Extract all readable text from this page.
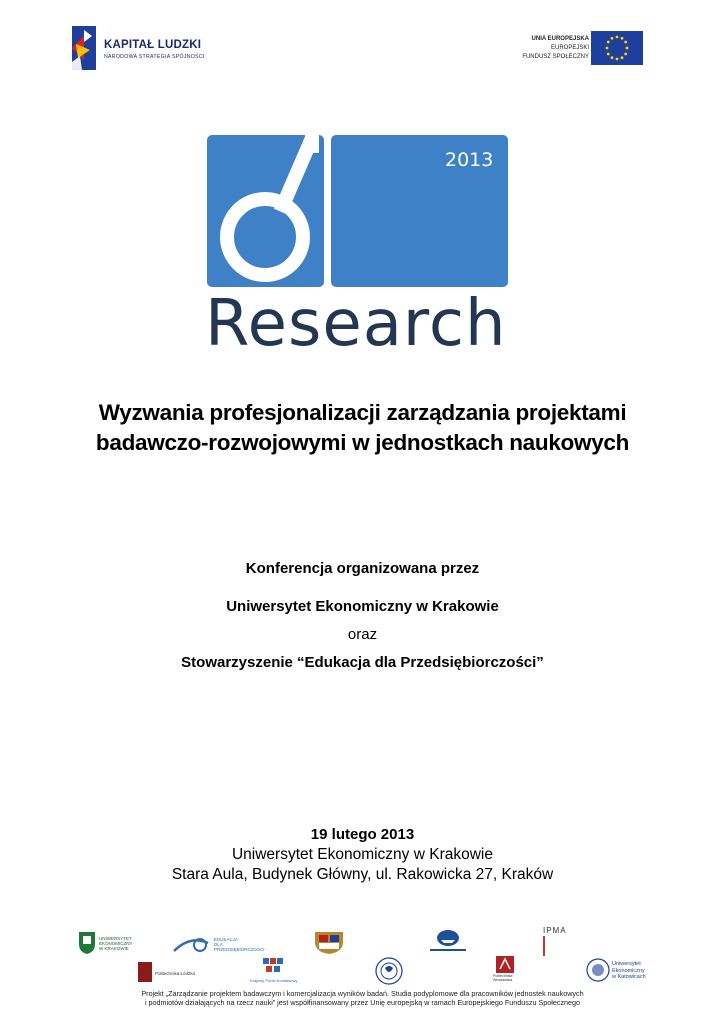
KAPITAŁ LUDZKI
NARODOWA STRATEGIA SPÓJNOŚCI
UNIA EUROPEJSKA
EUROPEJSKI
FUNDUSZ SPOŁECZNY
2013
Research
Wyzwania profesjonalizacji zarządzania projektami
badawczo-rozwojowymi w jednostkach naukowych
Konferencja organizowana przez
Uniwersytet Ekonomiczny w Krakowie
oraz
Stowarzyszenie “Edukacja dla Przedsiębiorczości”
19 lutego 2013
Uniwersytet Ekonomiczny w Krakowie
Stara Aula, Budynek Główny, ul. Rakowicka 27, Kraków
UNIWERSYTET
EKONOMICZNY
W KRAKOWIE
EDUKACJA
DLA
PRZEDSIĘBIORCZOŚCI
IPMA
Politechnika Łódzka
Krajowy Punkt Kontaktowy
Politechnika
Wrocławska
Uniwersytet
Ekonomiczny
w Katowicach
Projekt „Zarządzanie projektem badawczym i komercjalizacja wyników badań. Studia podyplomowe dla pracowników jednostek naukowych
i podmiotów działających na rzecz nauki” jest współfinansowany przez Unię europejską w ramach Europejskiego Funduszu Społecznego
